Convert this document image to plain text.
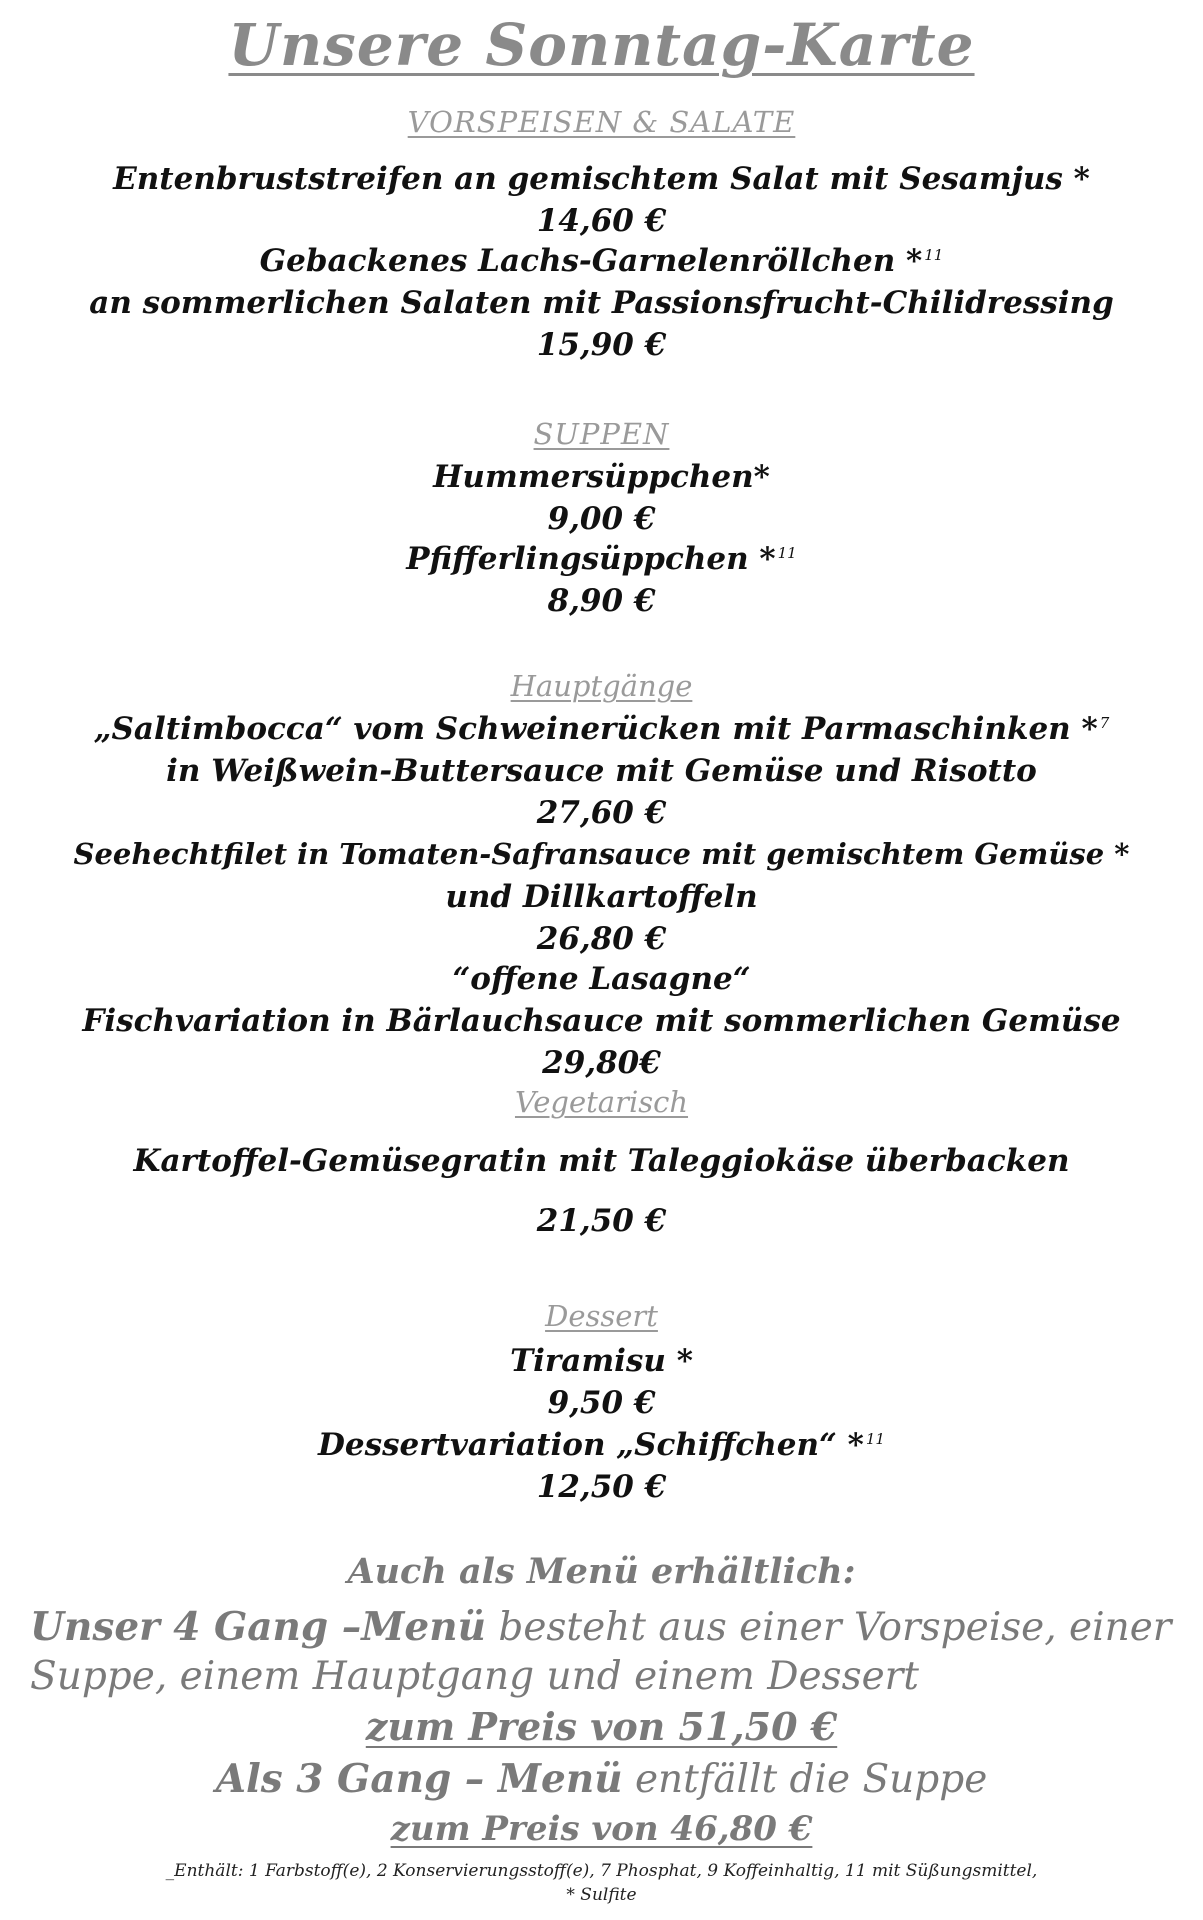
Unsere Sonntag-Karte
VORSPEISEN & SALATE
Entenbruststreifen an gemischtem Salat mit Sesamjus *
14,60 €
Gebackenes Lachs-Garnelenröllchen * $^{11}$
an sommerlichen Salaten mit Passionsfrucht-Chilidressing
15,90 €
SUPPEN
Hummersüppchen*
9,00 €
Pfifferlingsüppchen * $^{11}$
8,90 €
Hauptgänge
„Saltimbocca“ vom Schweinerücken mit Parmaschinken * $^7$
in Weißwein-Buttersauce mit Gemüse und Risotto
27,60 €
Seehechtfilet in Tomaten-Safransauce mit gemischtem Gemüse *
und Dillkartoffeln
26,80 €
“offene Lasagne“
Fischvariation in Bärlauchsauce mit sommerlichen Gemüse
29,80€
Vegetarisch
Kartoffel-Gemüsegratin mit Taleggiokäse überbacken
21,50 €
Dessert
Tiramisu *
9,50 €
Dessertvariation „Schiffchen“ * $^{11}$
12,50 €
Auch als Menü erhältlich:
Unser 4 Gang –Menü besteht aus einer Vorspeise, einer
Suppe, einem Hauptgang und einem Dessert
zum Preis von 51,50 €
Als 3 Gang – Menü entfällt die Suppe
zum Preis von 46,80 €
_Enthält: 1 Farbstoff(e), 2 Konservierungsstoff(e), 7 Phosphat, 9 Koffeinhaltig, 11 mit Süßungsmittel,
* Sulfite
